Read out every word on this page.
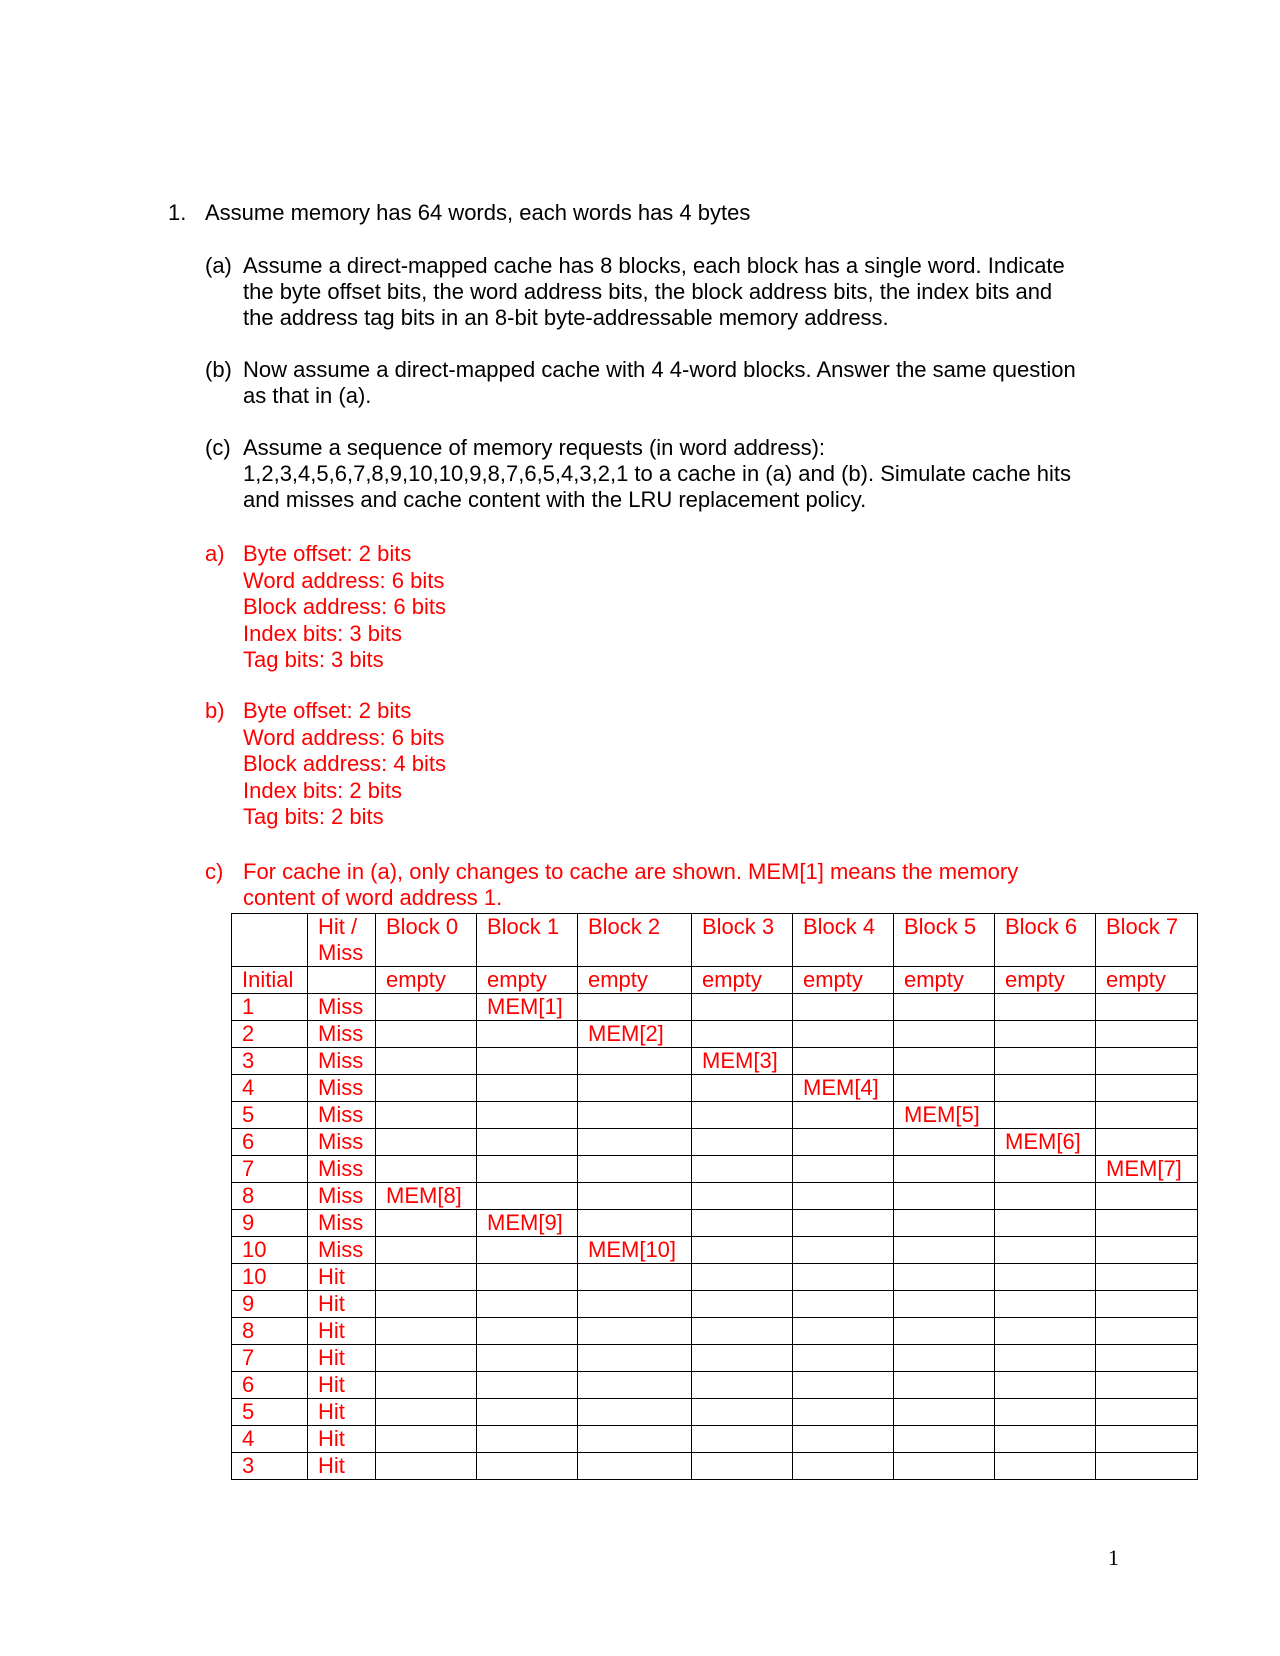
1. Assume memory has 64 words, each words has 4 bytes
(a) Assume a direct-mapped cache has 8 blocks, each block has a single word. Indicate
the byte offset bits, the word address bits, the block address bits, the index bits and
the address tag bits in an 8-bit byte-addressable memory address.
(b) Now assume a direct-mapped cache with 4 4-word blocks. Answer the same question
as that in (a).
(c) Assume a sequence of memory requests (in word address):
1,2,3,4,5,6,7,8,9,10,10,9,8,7,6,5,4,3,2,1 to a cache in (a) and (b). Simulate cache hits
and misses and cache content with the LRU replacement policy.
a) Byte offset: 2 bits
Word address: 6 bits
Block address: 6 bits
Index bits: 3 bits
Tag bits: 3 bits
b) Byte offset: 2 bits
Word address: 6 bits
Block address: 4 bits
Index bits: 2 bits
Tag bits: 2 bits
c) For cache in (a), only changes to cache are shown. MEM[1] means the memory
content of word address 1.
	Hit / Miss	Block 0	Block 1	Block 2	Block 3	Block 4	Block 5	Block 6	Block 7
Initial		empty	empty	empty	empty	empty	empty	empty	empty
1	Miss		MEM[1]						
2	Miss			MEM[2]					
3	Miss				MEM[3]				
4	Miss					MEM[4]			
5	Miss						MEM[5]		
6	Miss							MEM[6]	
7	Miss								MEM[7]
8	Miss	MEM[8]							
9	Miss		MEM[9]						
10	Miss			MEM[10]					
10	Hit								
9	Hit								
8	Hit								
7	Hit								
6	Hit								
5	Hit								
4	Hit								
3	Hit								
1
